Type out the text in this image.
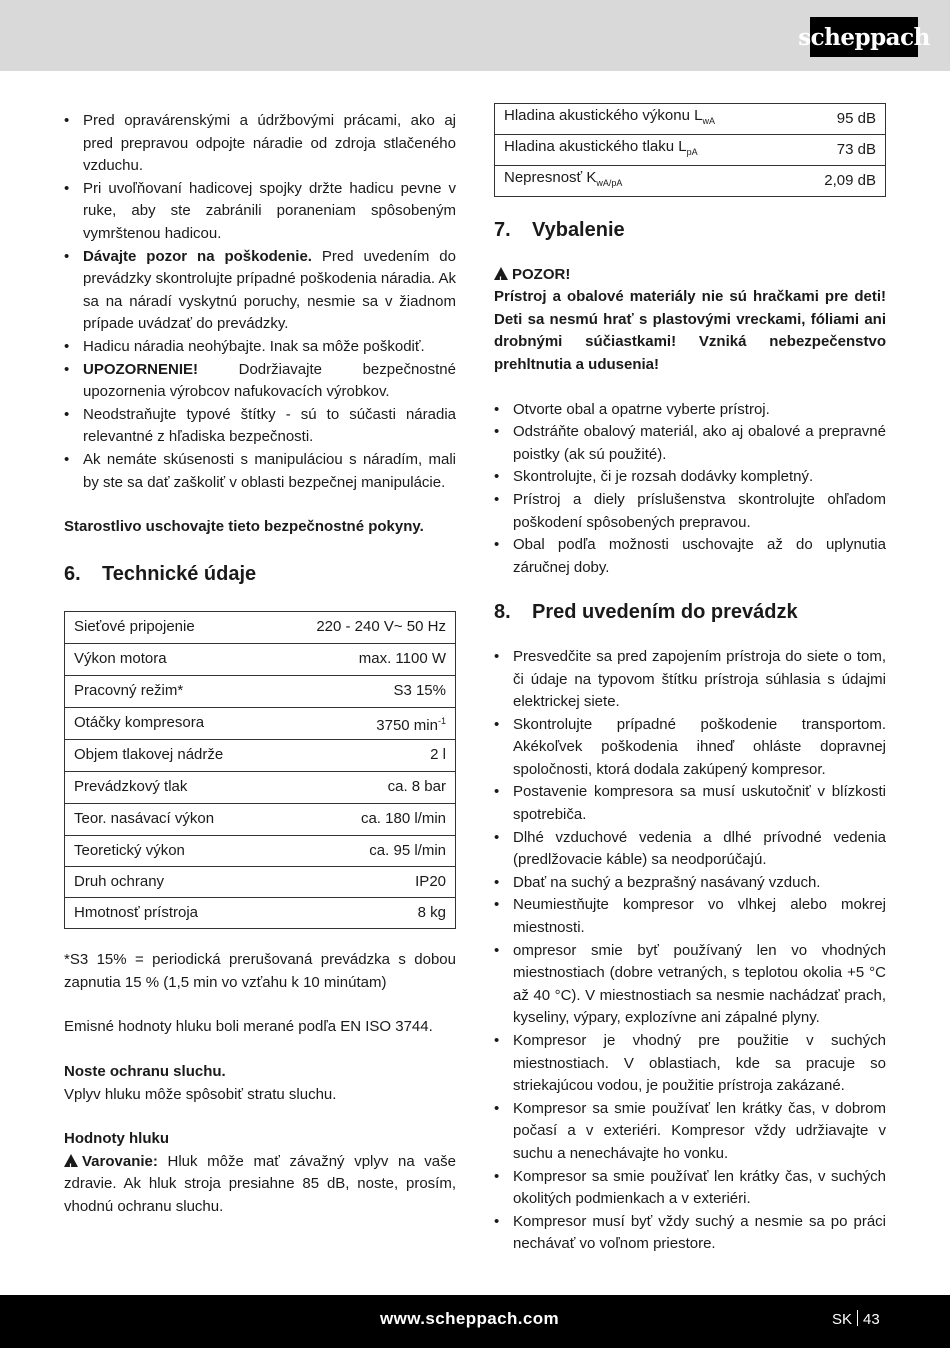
scheppach
• Pred opravárenskými a údržbovými prácami, ako aj pred prepravou odpojte náradie od zdroja stlačeného vzduchu.
• Pri uvoľňovaní hadicovej spojky držte hadicu pevne v ruke, aby ste zabránili poraneniam spôsobeným vymrštenou hadicou.
• Dávajte pozor na poškodenie. Pred uvedením do prevádzky skontrolujte prípadné poškodenia náradia. Ak sa na náradí vyskytnú poruchy, nesmie sa v žiadnom prípade uvádzať do prevádzky.
• Hadicu náradia neohýbajte. Inak sa môže poškodiť.
• UPOZORNENIE! Dodržiavajte bezpečnostné upozornenia výrobcov nafukovacích výrobkov.
• Neodstraňujte typové štítky - sú to súčasti náradia relevantné z hľadiska bezpečnosti.
• Ak nemáte skúsenosti s manipuláciou s náradím, mali by ste sa dať zaškoliť v oblasti bezpečnej manipulácie.

Starostlivo uschovajte tieto bezpečnostné pokyny.

6.	Technické údaje
Sieťové pripojenie	220 - 240 V~ 50 Hz
Výkon motora	max. 1100 W
Pracovný režim*	S3 15%
Otáčky kompresora	3750 $\min^{-1}$
Objem tlakovej nádrže	2 l
Prevádzkový tlak	ca. 8 bar
Teor. nasávací výkon	ca. 180 l/min
Teoretický výkon	ca. 95 l/min
Druh ochrany	IP20
Hmotnosť prístroja	8 kg

*S3 15% = periodická prerušovaná prevádzka s dobou zapnutia 15 % (1,5 min vo vzťahu k 10 minútam)

Emisné hodnoty hluku boli merané podľa EN ISO 3744.

Noste ochranu sluchu.

Vplyv hluku môže spôsobiť stratu sluchu.

Hodnoty hluku

!Varovanie: Hluk môže mať závažný vplyv na vaše zdravie. Ak hluk stroja presiahne 85 dB, noste, prosím, vhodnú ochranu sluchu.

Hladina akustického výkonu $L_{wA}$	95 dB
Hladina akustického tlaku $L_{pA}$	73 dB
Nepresnosť $K_{wA/pA}$	2,09 dB
7.	Vybalenie

!POZOR!

Prístroj a obalové materiály nie sú hračkami pre deti! Deti sa nesmú hrať s plastovými vreckami, fóliami ani drobnými súčiastkami! Vzniká nebezpečenstvo prehltnutia a udusenia!

• Otvorte obal a opatrne vyberte prístroj.
• Odstráňte obalový materiál, ako aj obalové a prepravné poistky (ak sú použité).
• Skontrolujte, či je rozsah dodávky kompletný.
• Prístroj a diely príslušenstva skontrolujte ohľadom poškodení spôsobených prepravou.
• Obal podľa možnosti uschovajte až do uplynutia záručnej doby.
8.	Pred uvedením do prevádzk
• Presvedčite sa pred zapojením prístroja do siete o tom, či údaje na typovom štítku prístroja súhlasia s údajmi elektrickej siete.
• Skontrolujte prípadné poškodenie transportom. Akékoľvek poškodenia ihneď ohláste dopravnej spoločnosti, ktorá dodala zakúpený kompresor.
• Postavenie kompresora sa musí uskutočniť v blízkosti spotrebiča.
• Dlhé vzduchové vedenia a dlhé prívodné vedenia (predlžovacie káble) sa neodporúčajú.
• Dbať na suchý a bezprašný nasávaný vzduch.
• Neumiestňujte kompresor vo vlhkej alebo mokrej miestnosti.
• ompresor smie byť používaný len vo vhodných miestnostiach (dobre vetraných, s teplotou okolia +5 °C až 40 °C). V miestnostiach sa nesmie nachádzať prach, kyseliny, výpary, explozívne ani zápalné plyny.
• Kompresor je vhodný pre použitie v suchých miestnostiach. V oblastiach, kde sa pracuje so striekajúcou vodou, je použitie prístroja zakázané.
• Kompresor sa smie používať len krátky čas, v dobrom počasí a v exteriéri. Kompresor vždy udržiavajte v suchu a nenechávajte ho vonku.
• Kompresor sa smie používať len krátky čas, v suchých okolitých podmienkach a v exteriéri.
• Kompresor musí byť vždy suchý a nesmie sa po práci nechávať vo voľnom priestore.
www.scheppach.com	SK 43
